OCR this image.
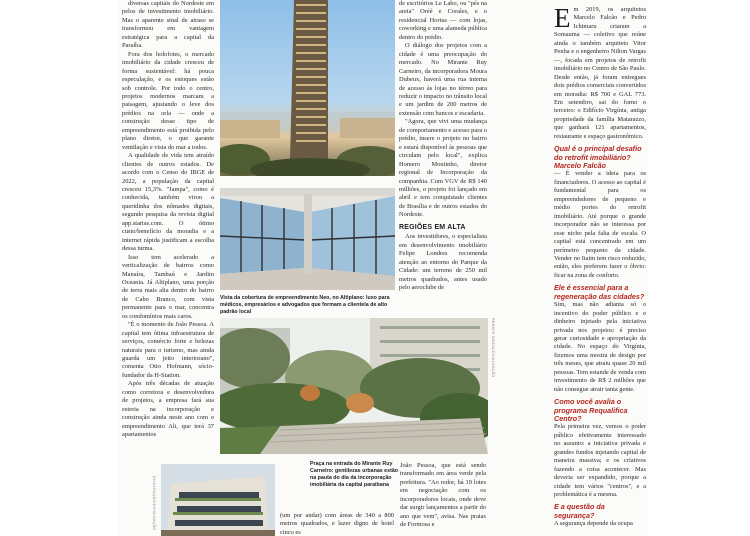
diversas capitais do Nordeste em pelos de investimento imobiliário. Mas o aparente sinal de atraso se transformou em vantagem estratégica para a capital da Paraíba.

Fora dos holofotes, o mercado imobiliário da cidade cresceu de forma sustentável: há pouca especulação, e os estoques estão sob controle. Por todo o centro, projetos modernos marcam a paisagem, ajustando o leve dos prédios na orla — onde a construção desse tipo de empreendimento está proibida pelo plano diretor, o que garante ventilação e vista do mar a todos.

A qualidade de vida tem atraído clientes de outros estados. De acordo com o Censo do IBGE de 2022, a população da capital cresceu 15,3%. "Jampa", como é conhecida, também virou a queridinha dos nômades digitais, segundo pesquisa da revista digital app.startse.com. O ótimo custo/benefício da moradia e a internet rápida justificam a escolha dessa turma.

Isso tem acelerado a verticalização de bairros como Manaíra, Tambaú e Jardim Oceania. Já Altiplano, uma porção de terra mais alta dentro do bairro de Cabo Branco, com vista permanente para o mar, concentra os condomínios mais caros.

"É o momento de João Pessoa. A capital tem ótima infraestrutura de serviços, comércio forte e belezas naturais para o turismo, mas ainda guarda um jeito interiorano", comenta Otto Hofmann, sócio-fundador da H-Station.

Após três décadas de atuação como corretora e desenvolvedora de projetos, a empresa fará sua estreia na incorporação e construção ainda neste ano com o empreendimento Alt, que terá 37 apartamentos

Vista da cobertura de empreendimento Neo, no Altiplano: luxo para médicos, empresários e advogados que formam a clientela de alto padrão local

de escritórios Le Labo, ou "pés na areia" Oréé e Corales, e o residencial Hortus — com lojas, coworking e uma alameda pública dentro do prédio.

O diálogo dos projetos com a cidade é uma preocupação do mercado. No Mirante Ruy Carneiro, da incorporadora Moura Dubeux, haverá uma rua interna de acesso às lojas no térreo para reduzir o impacto no trânsito local e um jardim de 200 metros de extensão com bancos e escadaria.

"Agora, que vivi uma mudança de comportamento e acesso para o prédio, insere o projeto no bairro e estará disponível às pessoas que circulam pelo local", explica Homero Moutinho, diretor regional de Incorporação da companhia. Com VGV de R$ 140 milhões, o projeto foi lançado em abril e tem conquistado clientes de Brasília e de outros estados do Nordeste.

REGIÕES EM ALTA

Aos investidores, o especialista em desenvolvimento imobiliário Felipe Londres recomenda atenção ao entorno do Parque da Cidade: um terreno de 250 mil metros quadrados, antes usado pelo aeroclube de

RENATO SOUZA/DIVULGAÇÃO
Praça na entrada do Mirante Ruy Carneiro: gentilezas urbanas estão na pauta do dia da incorporação imobiliária da capital paraibana

João Pessoa, que está sendo transformado em área verde pela prefeitura. "Ao redor, há 19 lotes em negociação com os incorporadores locais, onde deve dar surgir lançamentos a partir do ano que vem", avisa. Nas praias de Formosa e

DIVULGAÇÃO/DIVULGAÇÃO	(um por andar) com áreas de 340 a 800 metros quadrados, e lazer digno de hotel cinco es

Em 2019, os arquitetos Marcelo Falcão e Pedro Ichimaru criaram a Somauma — coletivo que reúne ainda o também arquiteto Vitor Penha e o engenheiro Nilton Vargas —, focada em projetos de retrofit imobiliário no Centro de São Paulo. Desde então, já foram entregues dois prédios comerciais convertidos em moradia: R$ 700 e GAL 773. Em setembro, sai do forno o terceiro: o Edifício Virgínia, antiga propriedade da família Matarazzo, que ganhará 121 apartamentos, restaurante e espaço gastronômico.

Qual é o principal desafio do retrofit imobiliário? Marcelo Falcão

— É vender a ideia para os financiadores. O acesso ao capital é fundamental para os empreendedores de pequeno e médio portes do retrofit imobiliário. Até porque o grande incorporador não se interessa por esse nicho pela falta de escala. O capital está concentrado em um perímetro pequeno da cidade. Vender no Itaim tem risco reduzido, então, eles preferem fazer o óbvio: ficar na zona de conforto.

Ele é essencial para a regeneração das cidades?

Sim, mas não adianta só o incentivo do poder público e o dinheiro injetado pela iniciativa privada nos projetos: é preciso gerar curiosidade e apropriação da cidade. No espaço do Virgínia, fizemos uma mostra de design por três meses, que atraiu quase 20 mil pessoas. Tem estande de venda com investimento de R$ 2 milhões que não consegue atrair tanta gente.

Como você avalia o programa Requalifica Centro?

Pela primeira vez, vemos o poder público efetivamente interessado no assunto: a iniciativa privada e grandes fundos injetando capital de maneira massiva; e os criativos fazendo a coisa acontecer. Mas deveria ser expandido, porque a cidade tem vários "centros", e a problemática é a mesma.

E a questão da segurança?

A segurança depende da ocupa
